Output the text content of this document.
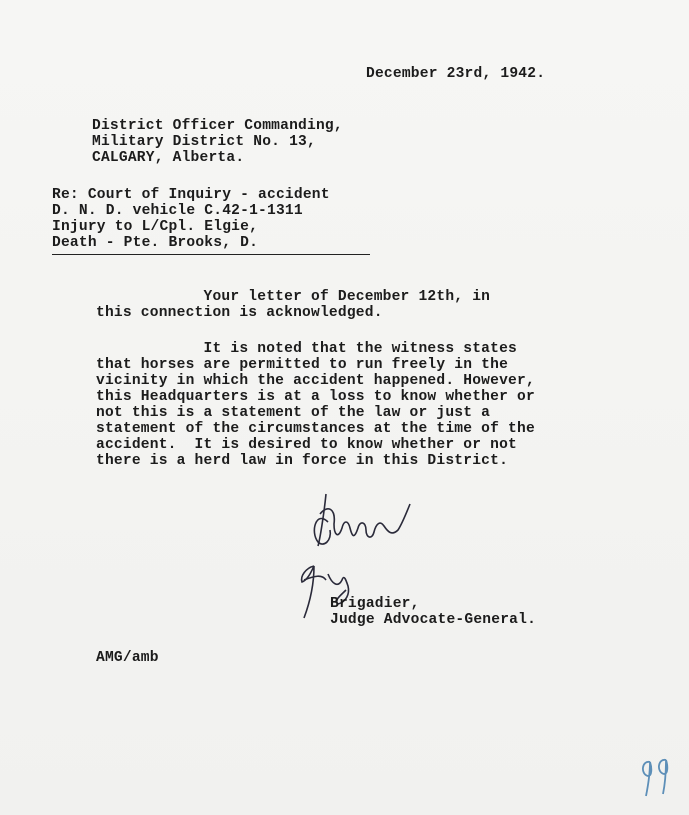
December 23rd, 1942.
District Officer Commanding,
Military District No. 13,
CALGARY, Alberta.
Re: Court of Inquiry - accident
D. N. D. vehicle C.42-1-1311
Injury to L/Cpl. Elgie,
Death - Pte. Brooks, D.
Your letter of December 12th, in
this connection is acknowledged.
It is noted that the witness states
that horses are permitted to run freely in the
vicinity in which the accident happened. However,
this Headquarters is at a loss to know whether or
not this is a statement of the law or just a
statement of the circumstances at the time of the
accident.  It is desired to know whether or not
there is a herd law in force in this District.
Brigadier,
Judge Advocate-General.
AMG/amb
